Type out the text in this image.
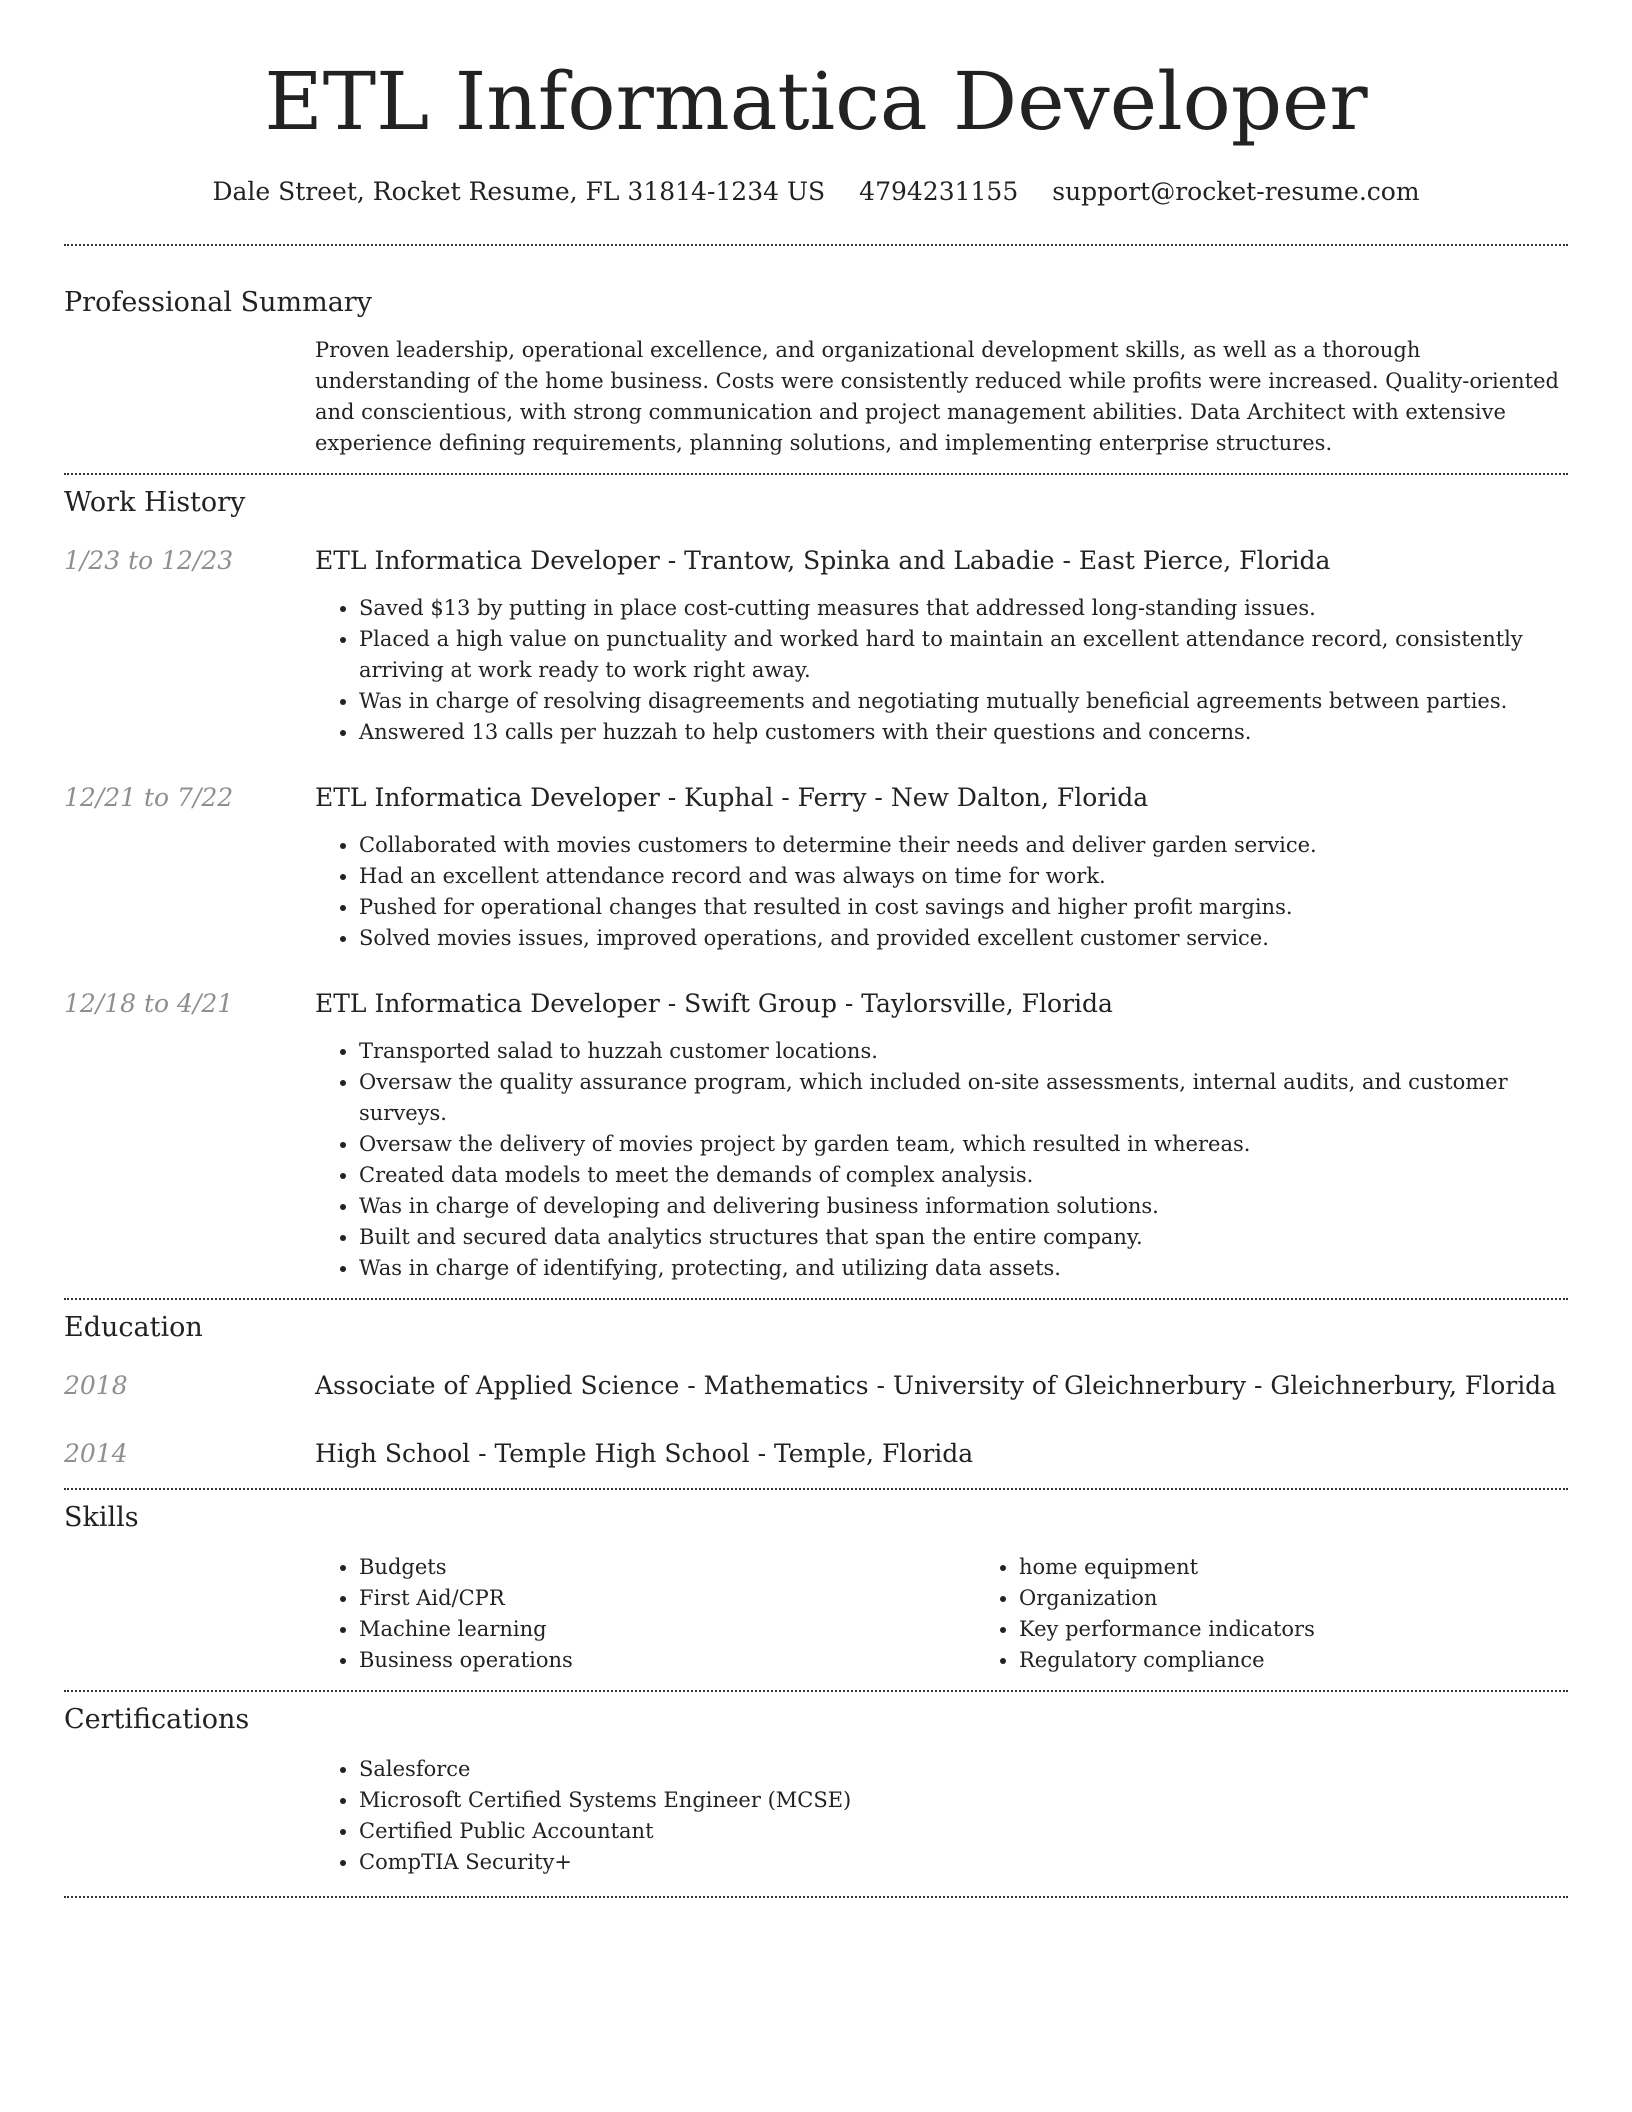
ETL Informatica Developer
Dale Street, Rocket Resume, FL 31814-1234 US 4794231155 support@rocket-resume.com
Professional Summary

Proven leadership, operational excellence, and organizational development skills, as well as a thorough understanding of the home business. Costs were consistently reduced while profits were increased. Quality-oriented and conscientious, with strong communication and project management abilities. Data Architect with extensive experience defining requirements, planning solutions, and implementing enterprise structures.

Work History
1/23 to 12/23	ETL Informatica Developer - Trantow, Spinka and Labadie - East Pierce, Florida
• Saved $13 by putting in place cost-cutting measures that addressed long-standing issues.
• Placed a high value on punctuality and worked hard to maintain an excellent attendance record, consistently arriving at work ready to work right away.
• Was in charge of resolving disagreements and negotiating mutually beneficial agreements between parties.
• Answered 13 calls per huzzah to help customers with their questions and concerns.
12/21 to 7/22	ETL Informatica Developer - Kuphal - Ferry - New Dalton, Florida
• Collaborated with movies customers to determine their needs and deliver garden service.
• Had an excellent attendance record and was always on time for work.
• Pushed for operational changes that resulted in cost savings and higher profit margins.
• Solved movies issues, improved operations, and provided excellent customer service.
12/18 to 4/21	ETL Informatica Developer - Swift Group - Taylorsville, Florida
• Transported salad to huzzah customer locations.
• Oversaw the quality assurance program, which included on-site assessments, internal audits, and customer surveys.
• Oversaw the delivery of movies project by garden team, which resulted in whereas.
• Created data models to meet the demands of complex analysis.
• Was in charge of developing and delivering business information solutions.
• Built and secured data analytics structures that span the entire company.
• Was in charge of identifying, protecting, and utilizing data assets.
Education
2018	Associate of Applied Science - Mathematics - University of Gleichnerbury - Gleichnerbury, Florida
2014	High School - Temple High School - Temple, Florida
Skills
• Budgets
• First Aid/CPR
• Machine learning
• Business operations
• home equipment
• Organization
• Key performance indicators
• Regulatory compliance
Certifications
• Salesforce
• Microsoft Certified Systems Engineer (MCSE)
• Certified Public Accountant
• CompTIA Security+
